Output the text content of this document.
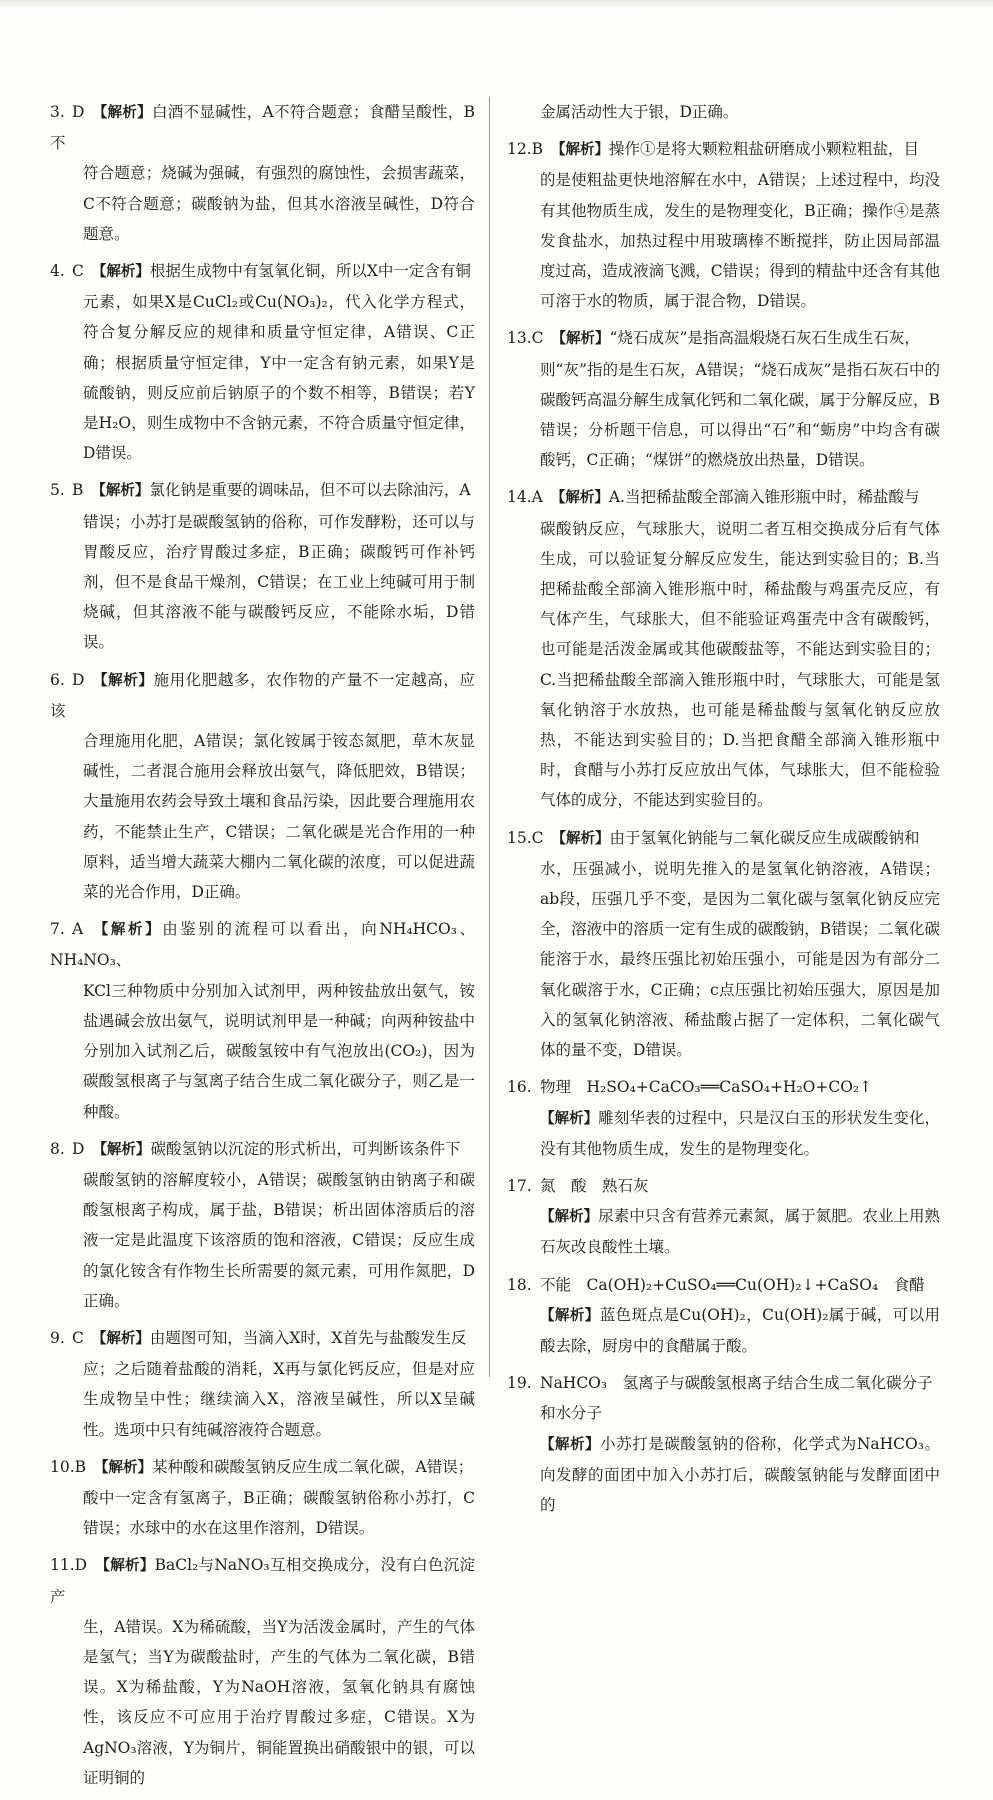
3. D 【解析】白酒不显碱性，A不符合题意；食醋呈酸性，B不
符合题意；烧碱为强碱，有强烈的腐蚀性，会损害蔬菜，C不符合题意；碳酸钠为盐，但其水溶液呈碱性，D符合题意。
4. C 【解析】根据生成物中有氢氧化铜，所以X中一定含有铜
元素，如果X是CuCl₂或Cu(NO₃)₂，代入化学方程式，符合复分解反应的规律和质量守恒定律，A错误、C正确；根据质量守恒定律，Y中一定含有钠元素，如果Y是硫酸钠，则反应前后钠原子的个数不相等，B错误；若Y是H₂O，则生成物中不含钠元素，不符合质量守恒定律，D错误。
5. B 【解析】氯化钠是重要的调味品，但不可以去除油污，A
错误；小苏打是碳酸氢钠的俗称，可作发酵粉，还可以与胃酸反应，治疗胃酸过多症，B正确；碳酸钙可作补钙剂，但不是食品干燥剂，C错误；在工业上纯碱可用于制烧碱，但其溶液不能与碳酸钙反应，不能除水垢，D错误。
6. D 【解析】施用化肥越多，农作物的产量不一定越高，应该
合理施用化肥，A错误；氯化铵属于铵态氮肥，草木灰显碱性，二者混合施用会释放出氨气，降低肥效，B错误；大量施用农药会导致土壤和食品污染，因此要合理施用农药，不能禁止生产，C错误；二氧化碳是光合作用的一种原料，适当增大蔬菜大棚内二氧化碳的浓度，可以促进蔬菜的光合作用，D正确。
7. A 【解析】由鉴别的流程可以看出，向NH₄HCO₃、NH₄NO₃、
KCl三种物质中分别加入试剂甲，两种铵盐放出氨气，铵盐遇碱会放出氨气，说明试剂甲是一种碱；向两种铵盐中分别加入试剂乙后，碳酸氢铵中有气泡放出(CO₂)，因为碳酸氢根离子与氢离子结合生成二氧化碳分子，则乙是一种酸。
8. D 【解析】碳酸氢钠以沉淀的形式析出，可判断该条件下
碳酸氢钠的溶解度较小，A错误；碳酸氢钠由钠离子和碳酸氢根离子构成，属于盐，B错误；析出固体溶质后的溶液一定是此温度下该溶质的饱和溶液，C错误；反应生成的氯化铵含有作物生长所需要的氮元素，可用作氮肥，D正确。
9. C 【解析】由题图可知，当滴入X时，X首先与盐酸发生反
应；之后随着盐酸的消耗，X再与氯化钙反应，但是对应生成物呈中性；继续滴入X，溶液呈碱性，所以X呈碱性。选项中只有纯碱溶液符合题意。
10.B 【解析】某种酸和碳酸氢钠反应生成二氧化碳，A错误；
酸中一定含有氢离子，B正确；碳酸氢钠俗称小苏打，C错误；水球中的水在这里作溶剂，D错误。
11.D 【解析】BaCl₂与NaNO₃互相交换成分，没有白色沉淀产
生，A错误。X为稀硫酸，当Y为活泼金属时，产生的气体是氢气；当Y为碳酸盐时，产生的气体为二氧化碳，B错误。X为稀盐酸，Y为NaOH溶液，氢氧化钠具有腐蚀性，该反应不可应用于治疗胃酸过多症，C错误。X为AgNO₃溶液，Y为铜片，铜能置换出硝酸银中的银，可以证明铜的
金属活动性大于银，D正确。
12.B 【解析】操作①是将大颗粒粗盐研磨成小颗粒粗盐，目
的是使粗盐更快地溶解在水中，A错误；上述过程中，均没有其他物质生成，发生的是物理变化，B正确；操作④是蒸发食盐水，加热过程中用玻璃棒不断搅拌，防止因局部温度过高，造成液滴飞溅，C错误；得到的精盐中还含有其他可溶于水的物质，属于混合物，D错误。
13.C 【解析】“烧石成灰”是指高温煅烧石灰石生成生石灰，
则“灰”指的是生石灰，A错误；“烧石成灰”是指石灰石中的碳酸钙高温分解生成氧化钙和二氧化碳，属于分解反应，B错误；分析题干信息，可以得出“石”和“蛎房”中均含有碳酸钙，C正确；“煤饼”的燃烧放出热量，D错误。
14.A 【解析】A.当把稀盐酸全部滴入锥形瓶中时，稀盐酸与
碳酸钠反应，气球胀大，说明二者互相交换成分后有气体生成，可以验证复分解反应发生，能达到实验目的；B.当把稀盐酸全部滴入锥形瓶中时，稀盐酸与鸡蛋壳反应，有气体产生，气球胀大，但不能验证鸡蛋壳中含有碳酸钙，也可能是活泼金属或其他碳酸盐等，不能达到实验目的；C.当把稀盐酸全部滴入锥形瓶中时，气球胀大，可能是氢氧化钠溶于水放热，也可能是稀盐酸与氢氧化钠反应放热，不能达到实验目的；D.当把食醋全部滴入锥形瓶中时，食醋与小苏打反应放出气体，气球胀大，但不能检验气体的成分，不能达到实验目的。
15.C 【解析】由于氢氧化钠能与二氧化碳反应生成碳酸钠和
水，压强减小，说明先推入的是氢氧化钠溶液，A错误；ab段，压强几乎不变，是因为二氧化碳与氢氧化钠反应完全，溶液中的溶质一定有生成的碳酸钠，B错误；二氧化碳能溶于水，最终压强比初始压强小，可能是因为有部分二氧化碳溶于水，C正确；c点压强比初始压强大，原因是加入的氢氧化钠溶液、稀盐酸占据了一定体积，二氧化碳气体的量不变，D错误。
16. 物理　H₂SO₄+CaCO₃══CaSO₄+H₂O+CO₂↑
【解析】雕刻华表的过程中，只是汉白玉的形状发生变化，没有其他物质生成，发生的是物理变化。
17. 氮　酸　熟石灰
【解析】尿素中只含有营养元素氮，属于氮肥。农业上用熟石灰改良酸性土壤。
18. 不能　Ca(OH)₂+CuSO₄══Cu(OH)₂↓+CaSO₄　食醋
【解析】蓝色斑点是Cu(OH)₂，Cu(OH)₂属于碱，可以用酸去除，厨房中的食醋属于酸。
19. NaHCO₃　氢离子与碳酸氢根离子结合生成二氧化碳分子
和水分子
【解析】小苏打是碳酸氢钠的俗称，化学式为NaHCO₃。向发酵的面团中加入小苏打后，碳酸氢钠能与发酵面团中的
